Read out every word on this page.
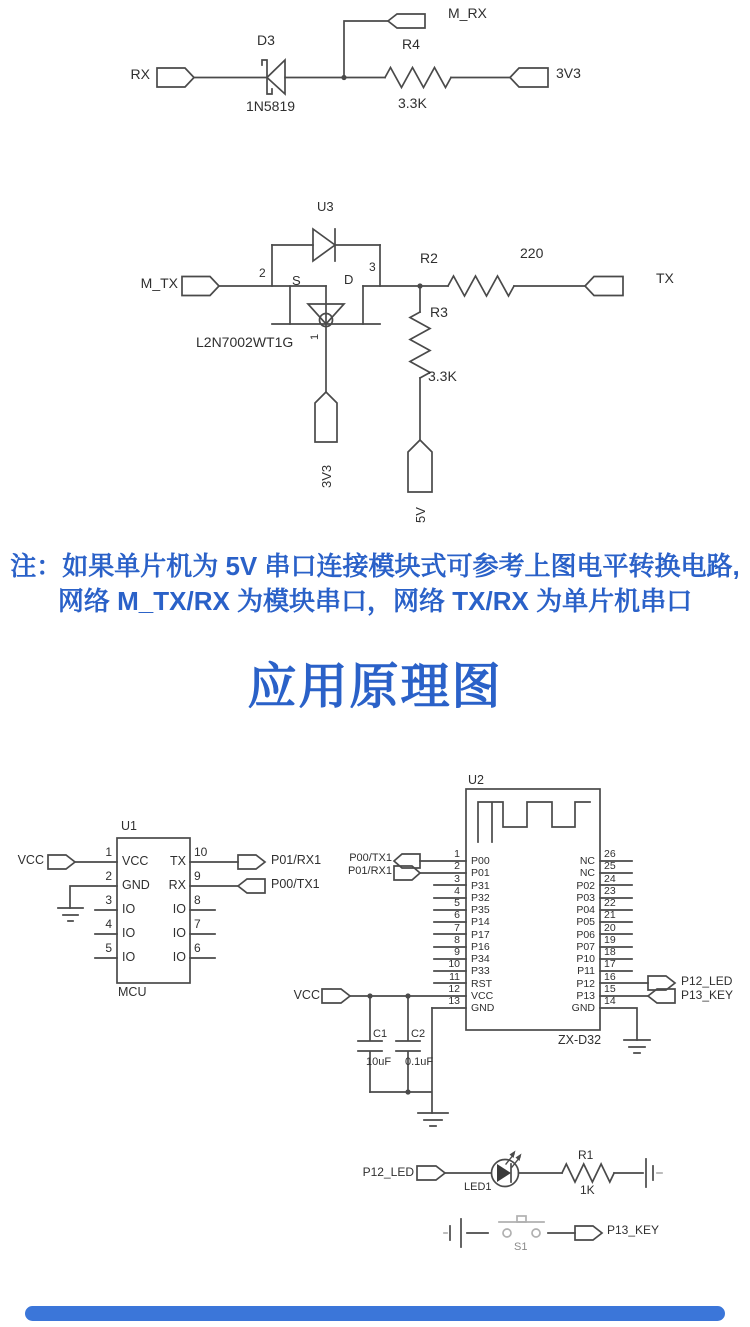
RX
M_RX
D3
1N5819
R4
3.3K
3V3
U3
M_TX
2 S	D
3
1
L2N7002WT1G
R2	220
TX
R3
3.3K
3V3
5V
注：如果单片机为 5V 串口连接模块式可参考上图电平转换电路,
网络 M_TX/RX 为模块串口，网络 TX/RX 为单片机串口
应用原理图
U1
MCU
VCC	P01/RX1
P00/TX1
U2
ZX-D32
P00/TX1
P01/RX1
VCC
P12_LED
P13_KEY
C1 C2
10uF 0.1uF
P12_LED
LED1
R1
1K
P13_KEY
S1
VCC
1
GND
2
IO
3
IO
4
IO
5
TX
10
RX
9
IO
8
IO
7
IO
6
P00
1
P01
2
P31
3
P32
4
P35
5
P14
6
P17
7
P16
8
P34
9
P33
10
RST
11
VCC
12
GND
13
NC
26
NC
25
P02
24
P03
23
P04
22
P05
21
P06
20
P07
19
P10
18
P11
17
P12
16
P13
15
GND
14
